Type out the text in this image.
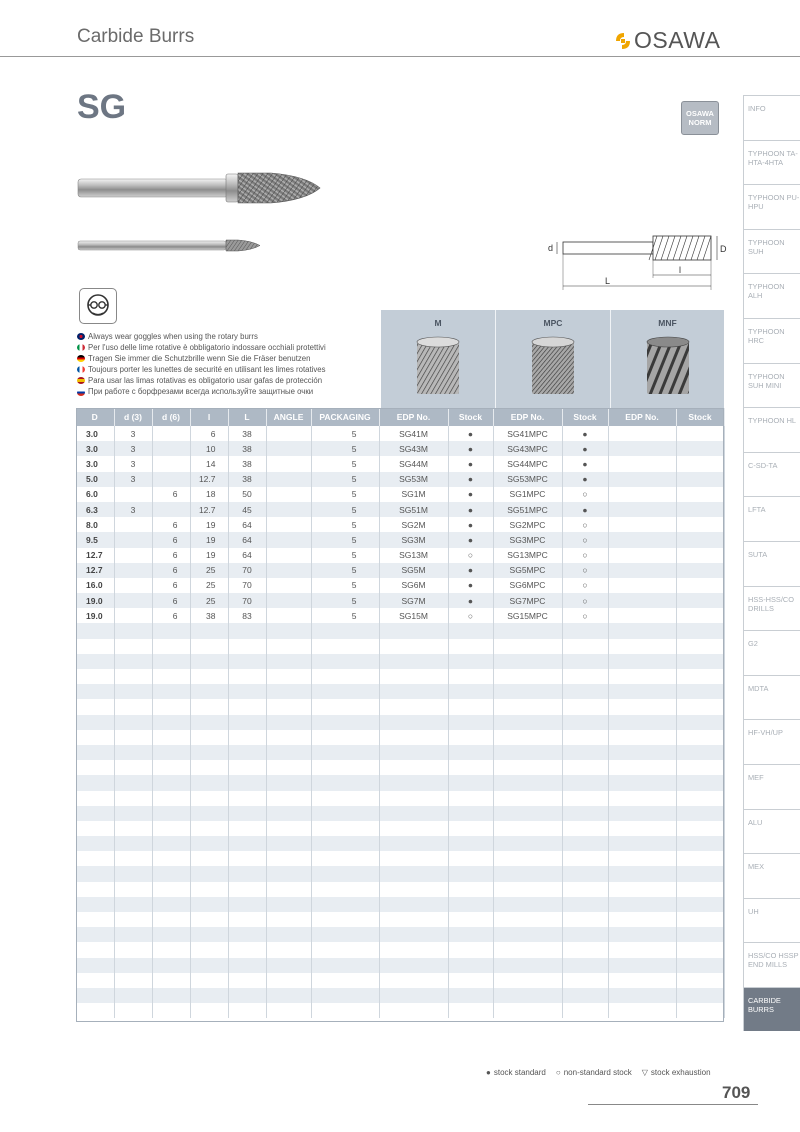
Carbide Burrs	OSAWA
SG	OSAWA
NORM
d	D
l
L
Always wear goggles when using the rotary burrs
Per l'uso delle lime rotative è obbligatorio indossare occhiali protettivi
Tragen Sie immer die Schutzbrille wenn Sie die Fräser benutzen
Toujours porter les lunettes de securité en utilisant les limes rotatives
Para usar las limas rotativas es obligatorio usar gafas de protección
При работе с борфрезами всегда используйте защитные очки
M	MPC	MNF
D	d (3)	d (6)	l	L	ANGLE	PACKAGING	EDP No.	Stock	EDP No.	Stock	EDP No.	Stock
3.0	3		6	38		5	SG41M	●	SG41MPC	●		
3.0	3		10	38		5	SG43M	●	SG43MPC	●		
3.0	3		14	38		5	SG44M	●	SG44MPC	●		
5.0	3		12.7	38		5	SG53M	●	SG53MPC	●		
6.0		6	18	50		5	SG1M	●	SG1MPC	○		
6.3	3		12.7	45		5	SG51M	●	SG51MPC	●		
8.0		6	19	64		5	SG2M	●	SG2MPC	○		
9.5		6	19	64		5	SG3M	●	SG3MPC	○		
12.7		6	19	64		5	SG13M	○	SG13MPC	○		
12.7		6	25	70		5	SG5M	●	SG5MPC	○		
16.0		6	25	70		5	SG6M	●	SG6MPC	○		
19.0		6	25	70		5	SG7M	●	SG7MPC	○		
19.0		6	38	83		5	SG15M	○	SG15MPC	○		

INFO
TYPHOON TA-HTA-4HTA
TYPHOON PU-HPU
TYPHOON SUH
TYPHOON ALH
TYPHOON HRC
TYPHOON SUH MINI
TYPHOON HL
C-SD-TA
LFTA
SUTA
HSS-HSS/CO DRILLS
G2
MDTA
HF-VH/UP
MEF
ALU
MEX
UH
HSS/CO HSSP END MILLS
CARBIDE BURRS
● stock standard ○ non-standard stock ▽ stock exhaustion
709
